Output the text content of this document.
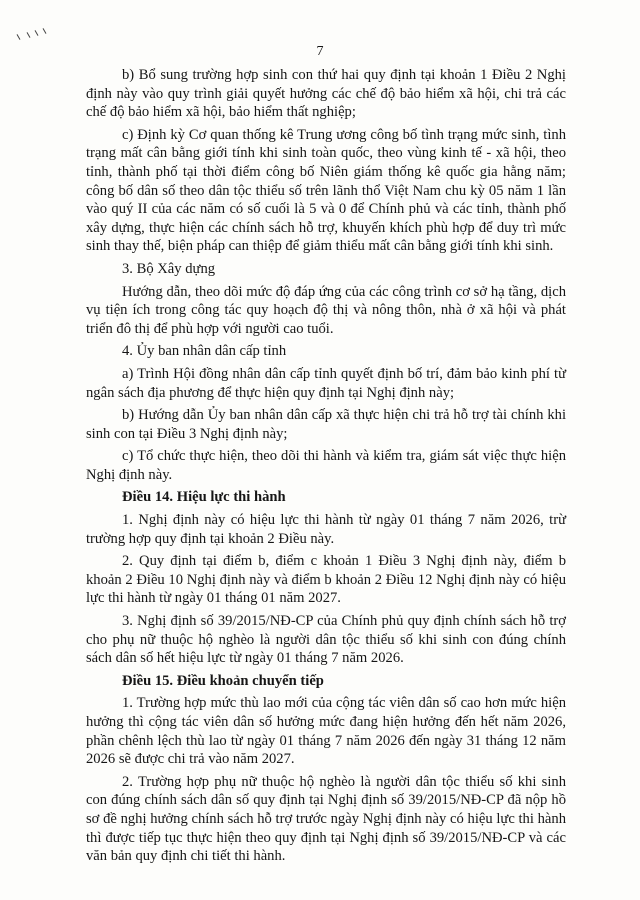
7

b) Bổ sung trường hợp sinh con thứ hai quy định tại khoản 1 Điều 2 Nghị định này vào quy trình giải quyết hưởng các chế độ bảo hiểm xã hội, chi trả các chế độ bảo hiểm xã hội, bảo hiểm thất nghiệp;

c) Định kỳ Cơ quan thống kê Trung ương công bố tình trạng mức sinh, tình trạng mất cân bằng giới tính khi sinh toàn quốc, theo vùng kinh tế - xã hội, theo tỉnh, thành phố tại thời điểm công bố Niên giám thống kê quốc gia hằng năm; công bố dân số theo dân tộc thiểu số trên lãnh thổ Việt Nam chu kỳ 05 năm 1 lần vào quý II của các năm có số cuối là 5 và 0 để Chính phủ và các tỉnh, thành phố xây dựng, thực hiện các chính sách hỗ trợ, khuyến khích phù hợp để duy trì mức sinh thay thế, biện pháp can thiệp để giảm thiểu mất cân bằng giới tính khi sinh.

3. Bộ Xây dựng

Hướng dẫn, theo dõi mức độ đáp ứng của các công trình cơ sở hạ tầng, dịch vụ tiện ích trong công tác quy hoạch độ thị và nông thôn, nhà ở xã hội và phát triển đô thị để phù hợp với người cao tuổi.

4. Ủy ban nhân dân cấp tỉnh

a) Trình Hội đồng nhân dân cấp tỉnh quyết định bố trí, đảm bảo kinh phí từ ngân sách địa phương để thực hiện quy định tại Nghị định này;

b) Hướng dẫn Ủy ban nhân dân cấp xã thực hiện chi trả hỗ trợ tài chính khi sinh con tại Điều 3 Nghị định này;

c) Tổ chức thực hiện, theo dõi thi hành và kiểm tra, giám sát việc thực hiện Nghị định này.

Điều 14. Hiệu lực thi hành

1. Nghị định này có hiệu lực thi hành từ ngày 01 tháng 7 năm 2026, trừ trường hợp quy định tại khoản 2 Điều này.

2. Quy định tại điểm b, điểm c khoản 1 Điều 3 Nghị định này, điểm b khoản 2 Điều 10 Nghị định này và điểm b khoản 2 Điều 12 Nghị định này có hiệu lực thi hành từ ngày 01 tháng 01 năm 2027.

3. Nghị định số 39/2015/NĐ-CP của Chính phủ quy định chính sách hỗ trợ cho phụ nữ thuộc hộ nghèo là người dân tộc thiểu số khi sinh con đúng chính sách dân số hết hiệu lực từ ngày 01 tháng 7 năm 2026.

Điều 15. Điều khoản chuyển tiếp

1. Trường hợp mức thù lao mới của cộng tác viên dân số cao hơn mức hiện hưởng thì cộng tác viên dân số hưởng mức đang hiện hưởng đến hết năm 2026, phần chênh lệch thù lao từ ngày 01 tháng 7 năm 2026 đến ngày 31 tháng 12 năm 2026 sẽ được chi trả vào năm 2027.

2. Trường hợp phụ nữ thuộc hộ nghèo là người dân tộc thiểu số khi sinh con đúng chính sách dân số quy định tại Nghị định số 39/2015/NĐ-CP đã nộp hồ sơ đề nghị hưởng chính sách hỗ trợ trước ngày Nghị định này có hiệu lực thi hành thì được tiếp tục thực hiện theo quy định tại Nghị định số 39/2015/NĐ-CP và các văn bản quy định chi tiết thi hành.
